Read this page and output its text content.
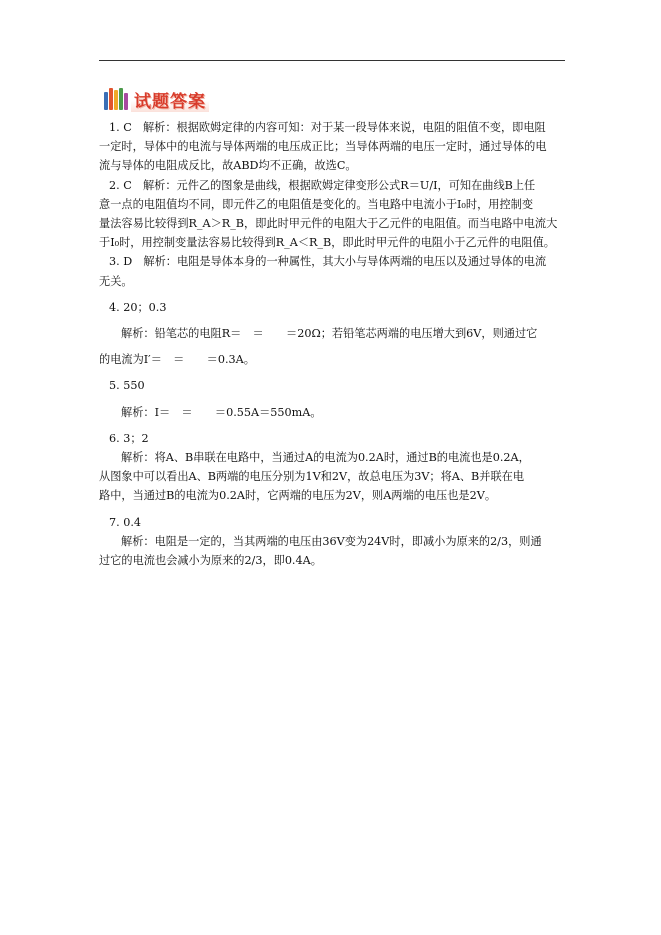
试题答案

1. C　解析：根据欧姆定律的内容可知：对于某一段导体来说，电阻的阻值不变，即电阻

一定时，导体中的电流与导体两端的电压成正比；当导体两端的电压一定时，通过导体的电

流与导体的电阻成反比，故ABD均不正确，故选C。

2. C　解析：元件乙的图象是曲线，根据欧姆定律变形公式R＝U/I，可知在曲线B上任

意一点的电阻值均不同，即元件乙的电阻值是变化的。当电路中电流小于I₀时，用控制变

量法容易比较得到R_A＞R_B，即此时甲元件的电阻大于乙元件的电阻值。而当电路中电流大

于I₀时，用控制变量法容易比较得到R_A＜R_B，即此时甲元件的电阻小于乙元件的电阻值。

3. D　解析：电阻是导体本身的一种属性，其大小与导体两端的电压以及通过导体的电流

无关。

4. 20；0.3

解析：铅笔芯的电阻R＝　＝　　＝20Ω；若铅笔芯两端的电压增大到6V，则通过它

的电流为I′＝　＝　　＝0.3A。

5. 550

解析：I＝　＝　　＝0.55A＝550mA。

6. 3；2

解析：将A、B串联在电路中，当通过A的电流为0.2A时，通过B的电流也是0.2A，

从图象中可以看出A、B两端的电压分别为1V和2V，故总电压为3V；将A、B并联在电

路中，当通过B的电流为0.2A时，它两端的电压为2V，则A两端的电压也是2V。

7. 0.4

解析：电阻是一定的，当其两端的电压由36V变为24V时，即减小为原来的2/3，则通

过它的电流也会减小为原来的2/3，即0.4A。
